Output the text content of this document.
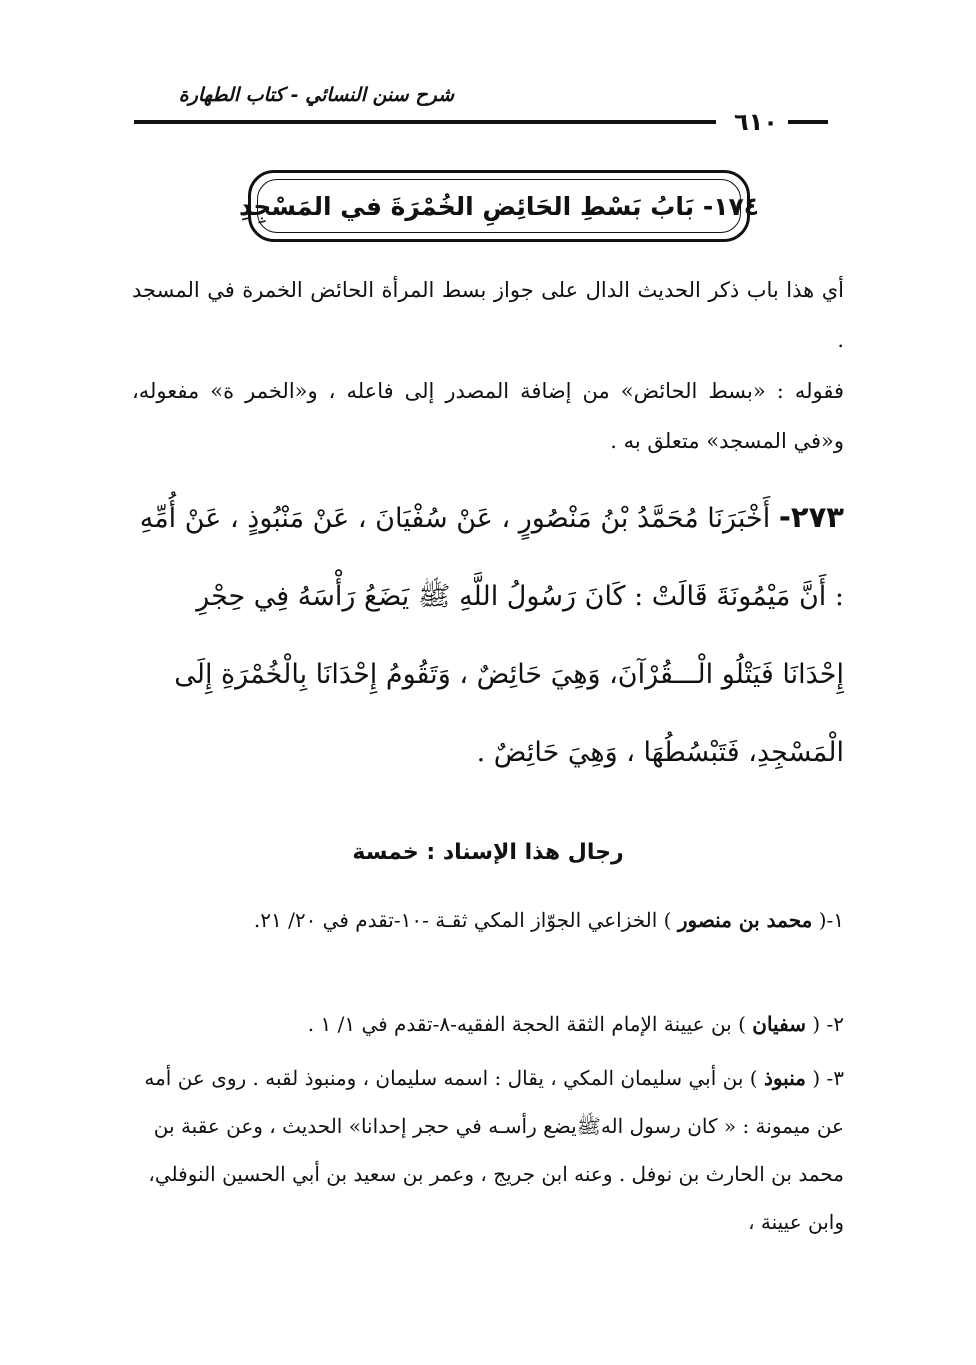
شرح سنن النسائي - كتاب الطهارة
٦١٠
١٧٤- بَابُ بَسْطِ الحَائِضِ الخُمْرَةَ في المَسْجِدِ
أي هذا باب ذكر الحديث الدال على جواز بسط المرأة الحائض الخمرة في المسجد .
فقوله : «بسط الحائض» من إضافة المصدر إلى فاعله ، و«الخمر ة» مفعوله، و«في المسجد» متعلق به .
٢٧٣- أَخْبَرَنَا مُحَمَّدُ بْنُ مَنْصُورٍ ، عَنْ سُفْيَانَ ، عَنْ مَنْبُوذٍ ، عَنْ أُمِّهِ : أَنَّ مَيْمُونَةَ قَالَتْ : كَانَ رَسُولُ اللَّهِ ﷺ يَضَعُ رَأْسَهُ فِي حِجْرِ إِحْدَانَا فَيَتْلُو الْـــقُرْآنَ، وَهِيَ حَائِضٌ ، وَتَقُومُ إِحْدَانَا بِالْخُمْرَةِ إِلَى الْمَسْجِدِ، فَتَبْسُطُهَا ، وَهِيَ حَائِضٌ .
رجال هذا الإسناد : خمسة
١-( محمد بن منصور ) الخزاعي الجوّاز المكي ثقـة -١٠-تقدم في ٢٠/ ٢١.
٢- ( سفيان ) بن عيينة الإمام الثقة الحجة الفقيه-٨-تقدم في ١/ ١ .
٣- ( منبوذ ) بن أبي سليمان المكي ، يقال : اسمه سليمان ، ومنبوذ لقبه . روى عن أمه عن ميمونة : « كان رسول الهﷺيضع رأسـه في حجر إحدانا» الحديث ، وعن عقبة بن محمد بن الحارث بن نوفل . وعنه ابن جريج ، وعمر بن سعيد بن أبي الحسين النوفلي، وابن عيينة ،
